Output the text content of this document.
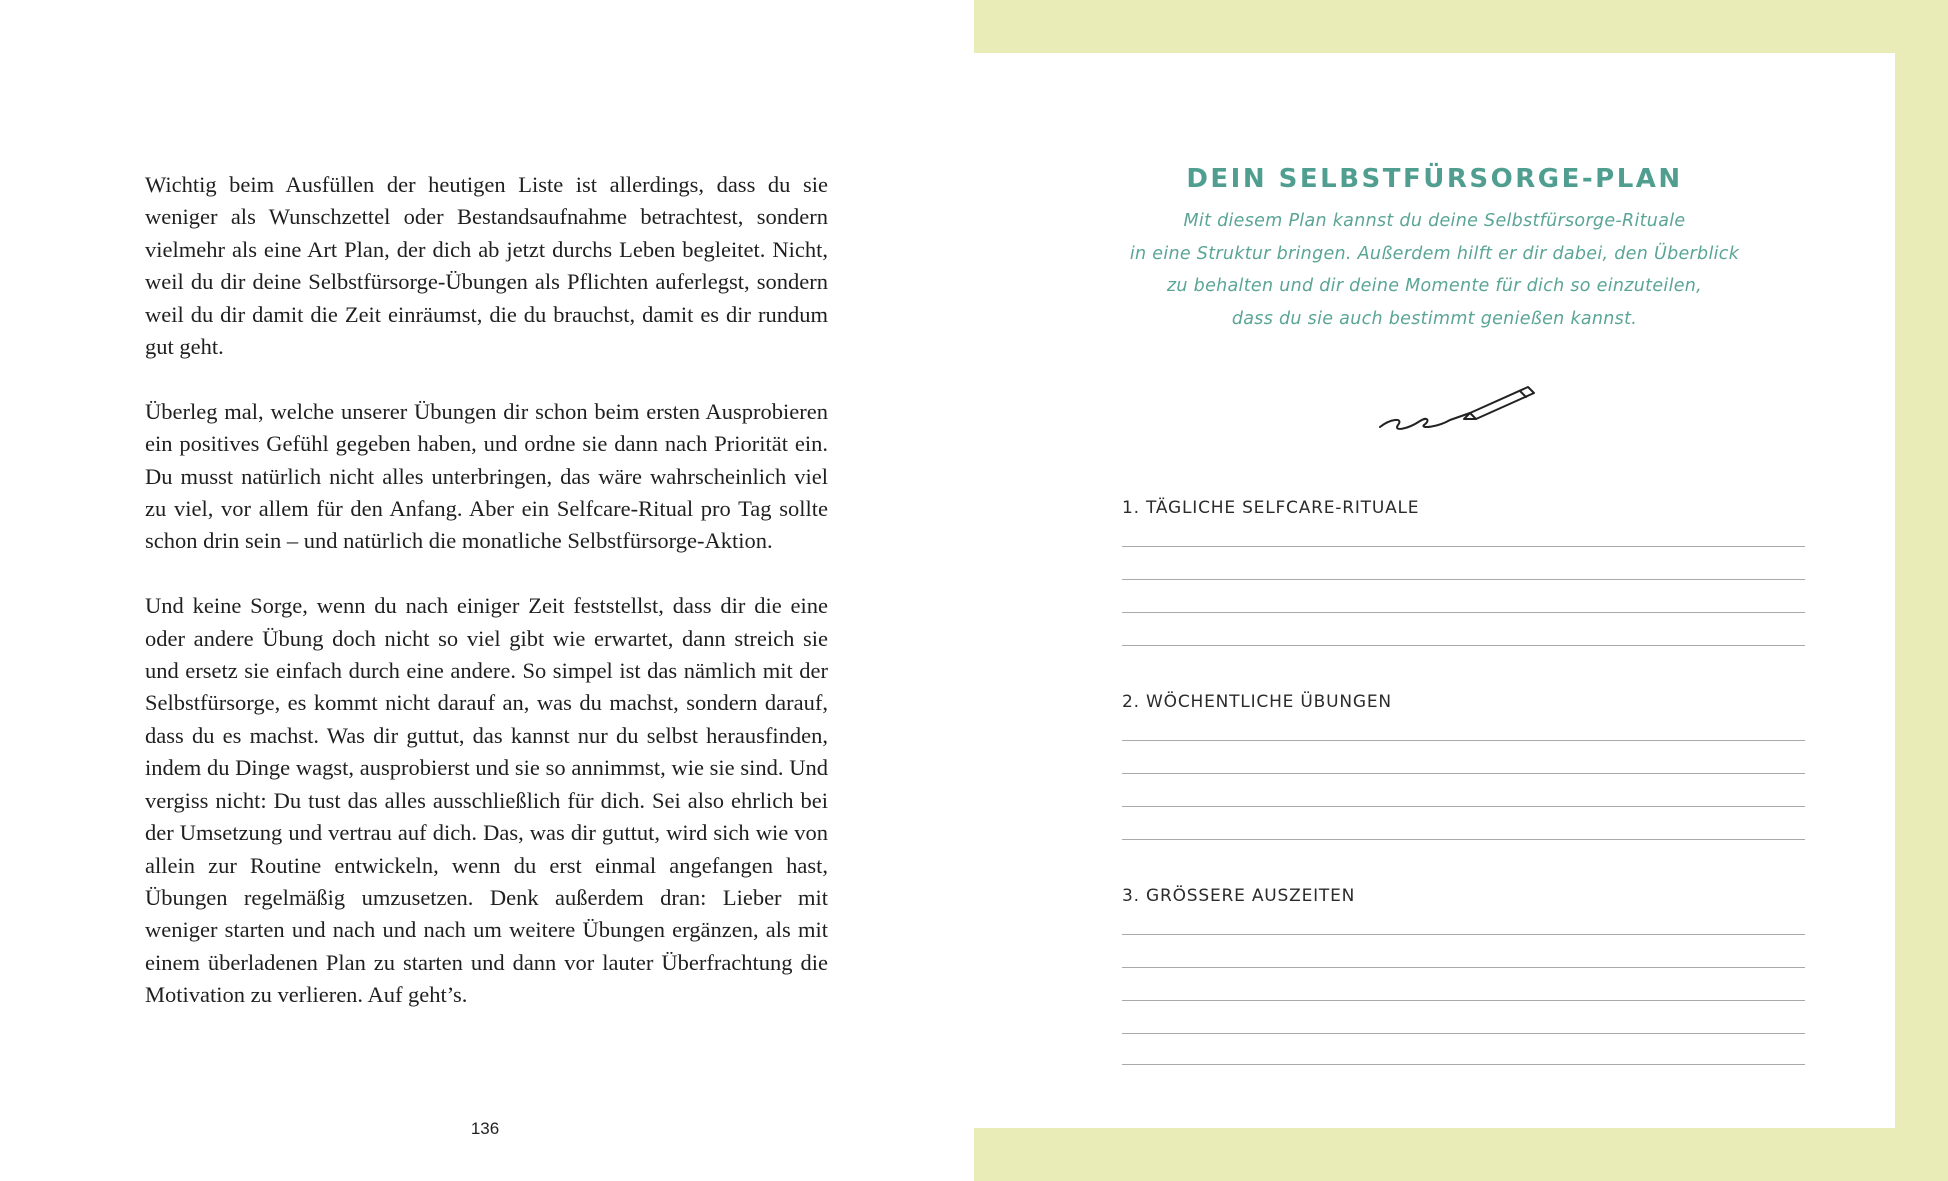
Wichtig beim Ausfüllen der heutigen Liste ist allerdings, dass du sie weniger als Wunschzettel oder Bestandsaufnahme betrachtest, sondern vielmehr als eine Art Plan, der dich ab jetzt durchs Leben begleitet. Nicht, weil du dir deine Selbstfürsorge-Übungen als Pflichten auferlegst, sondern weil du dir damit die Zeit einräumst, die du brauchst, damit es dir rundum gut geht.

Überleg mal, welche unserer Übungen dir schon beim ersten Ausprobieren ein positives Gefühl gegeben haben, und ordne sie dann nach Priorität ein. Du musst natürlich nicht alles unterbringen, das wäre wahrscheinlich viel zu viel, vor allem für den Anfang. Aber ein Selfcare-Ritual pro Tag sollte schon drin sein – und natürlich die monatliche Selbstfürsorge-Aktion.

Und keine Sorge, wenn du nach einiger Zeit feststellst, dass dir die eine oder andere Übung doch nicht so viel gibt wie erwartet, dann streich sie und ersetz sie einfach durch eine andere. So simpel ist das nämlich mit der Selbstfürsorge, es kommt nicht darauf an, was du machst, sondern darauf, dass du es machst. Was dir guttut, das kannst nur du selbst herausfinden, indem du Dinge wagst, ausprobierst und sie so annimmst, wie sie sind. Und vergiss nicht: Du tust das alles ausschließlich für dich. Sei also ehrlich bei der Umsetzung und vertrau auf dich. Das, was dir guttut, wird sich wie von allein zur Routine entwickeln, wenn du erst einmal angefangen hast, Übungen regelmäßig umzusetzen. Denk außerdem dran: Lieber mit weniger starten und nach und nach um weitere Übungen ergänzen, als mit einem überladenen Plan zu starten und dann vor lauter Überfrachtung die Motivation zu verlieren. Auf geht’s.

136
DEIN SELBSTFÜRSORGE-PLAN
Mit diesem Plan kannst du deine Selbstfürsorge-Rituale
in eine Struktur bringen. Außerdem hilft er dir dabei, den Überblick
zu behalten und dir deine Momente für dich so einzuteilen,
dass du sie auch bestimmt genießen kannst.
1. TÄGLICHE SELFCARE-RITUALE
2. WÖCHENTLICHE ÜBUNGEN
3. GRÖSSERE AUSZEITEN
